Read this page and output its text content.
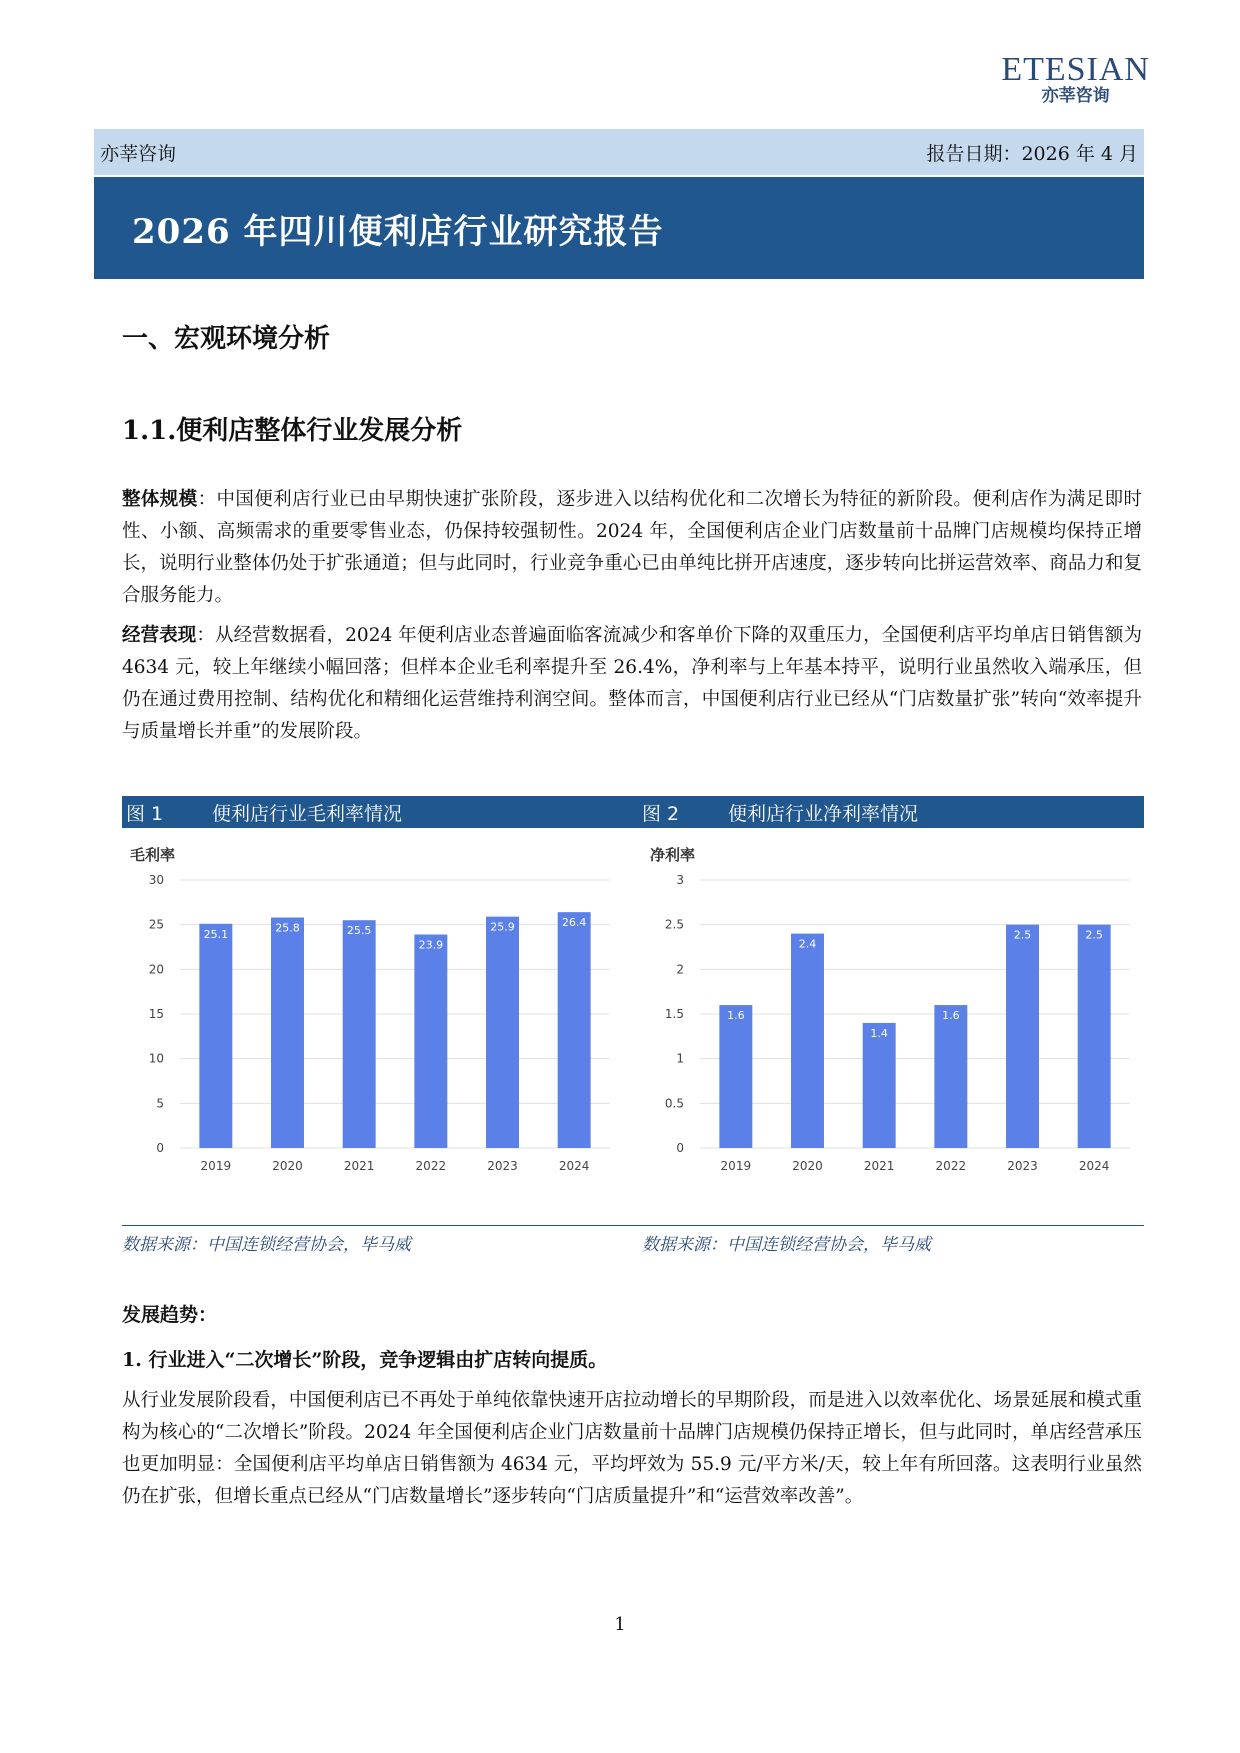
ETESIAN
亦莘咨询
亦莘咨询	报告日期：2026 年 4 月
2026 年四川便利店行业研究报告
一、宏观环境分析
1.1.便利店整体行业发展分析

整体规模：中国便利店行业已由早期快速扩张阶段，逐步进入以结构优化和二次增长为特征的新阶段。便利店作为满足即时性、小额、高频需求的重要零售业态，仍保持较强韧性。2024 年，全国便利店企业门店数量前十品牌门店规模均保持正增长，说明行业整体仍处于扩张通道；但与此同时，行业竞争重心已由单纯比拼开店速度，逐步转向比拼运营效率、商品力和复合服务能力。

经营表现：从经营数据看，2024 年便利店业态普遍面临客流减少和客单价下降的双重压力，全国便利店平均单店日销售额为 4634 元，较上年继续小幅回落；但样本企业毛利率提升至 26.4%，净利率与上年基本持平，说明行业虽然收入端承压，但仍在通过费用控制、结构优化和精细化运营维持利润空间。整体而言，中国便利店行业已经从“门店数量扩张”转向“效率提升与质量增长并重”的发展阶段。

图 1	便利店行业毛利率情况	图 2	便利店行业净利率情况
毛利率
0
5
10
15
20
25
30
25.1
2019
25.8
2020
25.5
2021
23.9
2022
25.9
2023
26.4
2024
净利率
0
0.5
1
1.5
2
2.5
3
1.6
2019
2.4
2020
1.4
2021
1.6
2022
2.5
2023
2.5
2024
数据来源：中国连锁经营协会，毕马威	数据来源：中国连锁经营协会，毕马威
发展趋势：
1. 行业进入“二次增长”阶段，竞争逻辑由扩店转向提质。

从行业发展阶段看，中国便利店已不再处于单纯依靠快速开店拉动增长的早期阶段，而是进入以效率优化、场景延展和模式重构为核心的“二次增长”阶段。2024 年全国便利店企业门店数量前十品牌门店规模仍保持正增长，但与此同时，单店经营承压也更加明显：全国便利店平均单店日销售额为 4634 元，平均坪效为 55.9 元/平方米/天，较上年有所回落。这表明行业虽然仍在扩张，但增长重点已经从“门店数量增长”逐步转向“门店质量提升”和“运营效率改善”。

1
